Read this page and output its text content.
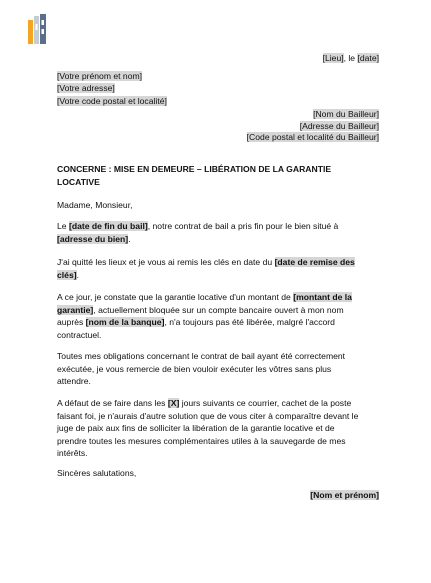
[Lieu], le [date]
[Votre prénom et nom]
[Votre adresse]
[Votre code postal et localité]
[Nom du Bailleur]
[Adresse du Bailleur]
[Code postal et localité du Bailleur]
CONCERNE : MISE EN DEMEURE – LIBÉRATION DE LA GARANTIE
LOCATIVE
Madame, Monsieur,
Le [date de fin du bail], notre contrat de bail a pris fin pour le bien situé à
[adresse du bien].
J'ai quitté les lieux et je vous ai remis les clés en date du [date de remise des
clés].
A ce jour, je constate que la garantie locative d'un montant de [montant de la
garantie], actuellement bloquée sur un compte bancaire ouvert à mon nom
auprès [nom de la banque], n'a toujours pas été libérée, malgré l'accord
contractuel.
Toutes mes obligations concernant le contrat de bail ayant été correctement
exécutée, je vous remercie de bien vouloir exécuter les vôtres sans plus
attendre.
A défaut de se faire dans les [X] jours suivants ce courrier, cachet de la poste
faisant foi, je n'aurais d'autre solution que de vous citer à comparaître devant le
juge de paix aux fins de solliciter la libération de la garantie locative et de
prendre toutes les mesures complémentaires utiles à la sauvegarde de mes
intérêts.
Sincères salutations,
[Nom et prénom]
